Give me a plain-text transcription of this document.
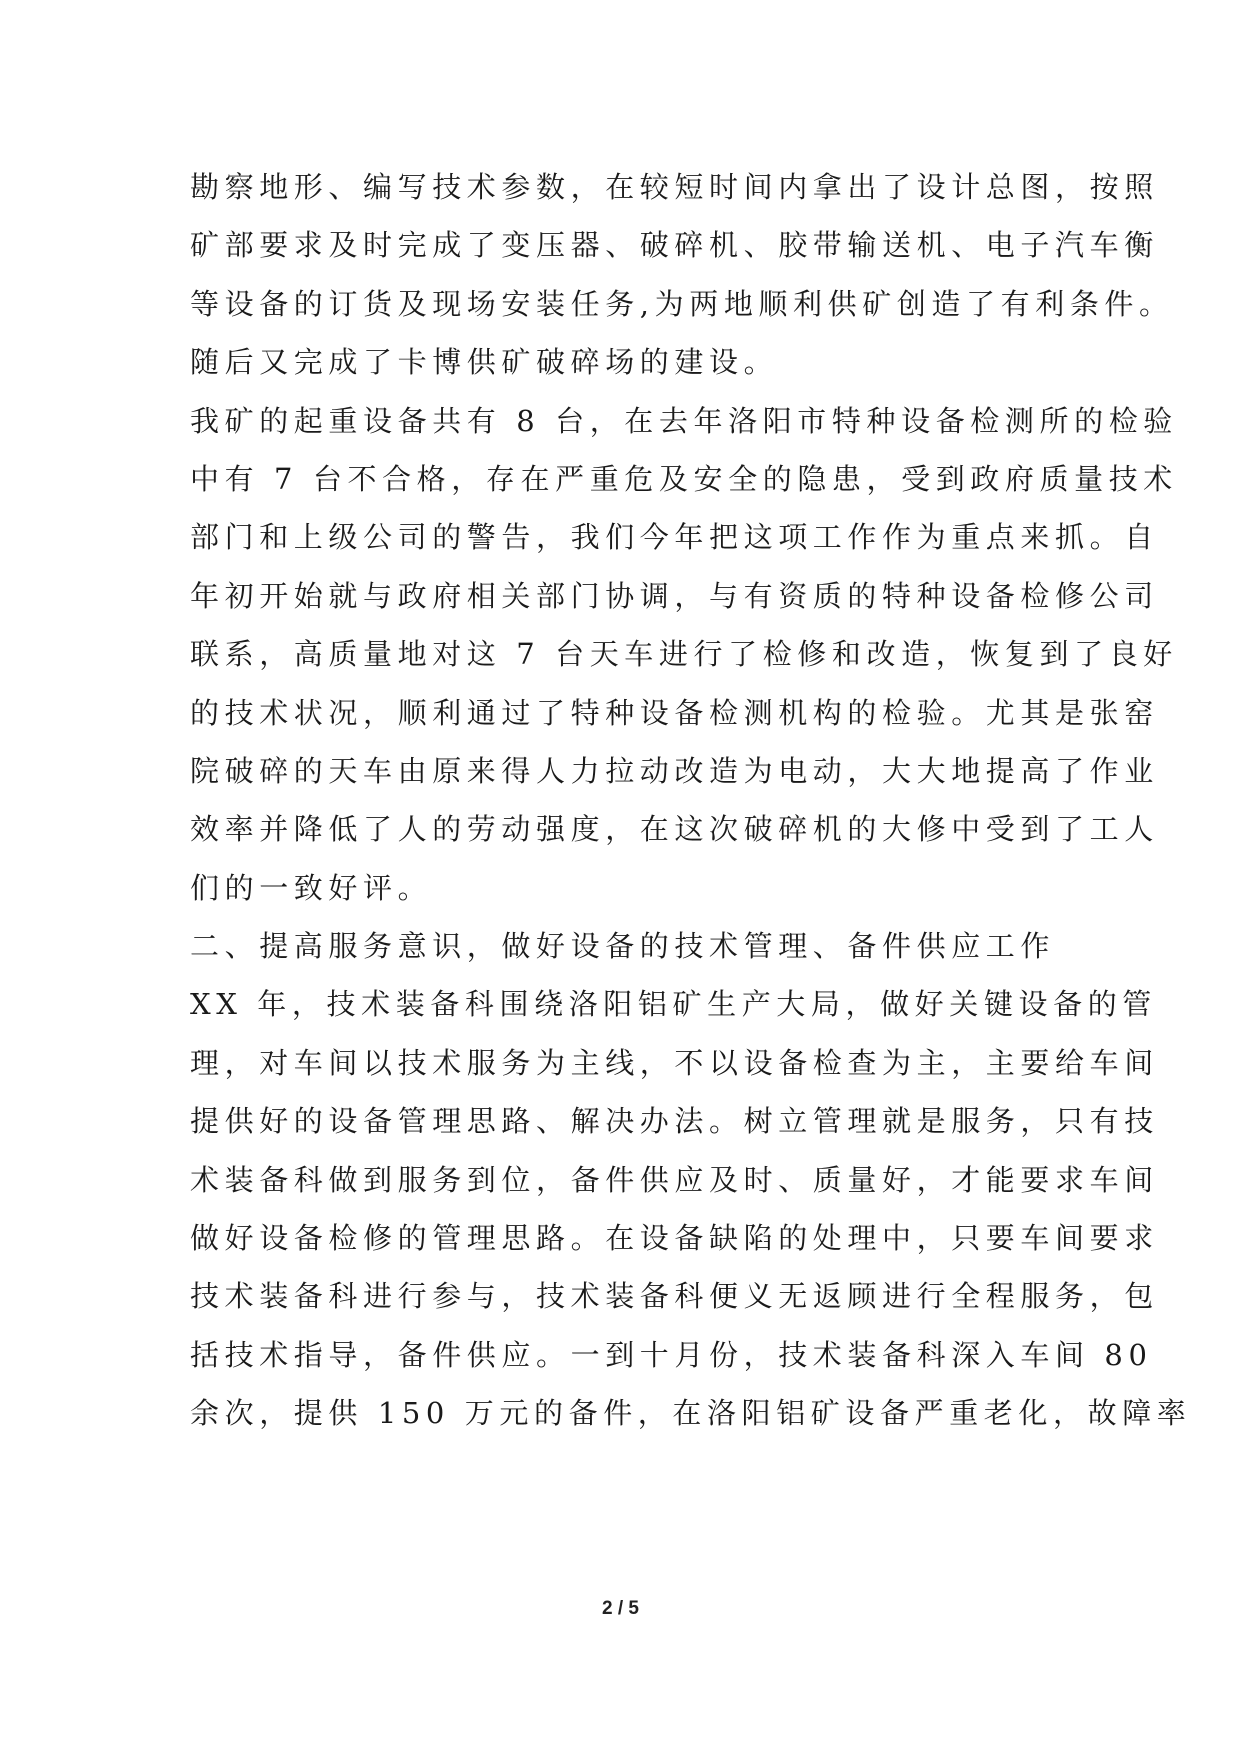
勘察地形、编写技术参数，在较短时间内拿出了设计总图，按照
矿部要求及时完成了变压器、破碎机、胶带输送机、电子汽车衡
等设备的订货及现场安装任务,为两地顺利供矿创造了有利条件。
随后又完成了卡博供矿破碎场的建设。
我矿的起重设备共有 8 台，在去年洛阳市特种设备检测所的检验
中有 7 台不合格，存在严重危及安全的隐患，受到政府质量技术
部门和上级公司的警告，我们今年把这项工作作为重点来抓。自
年初开始就与政府相关部门协调，与有资质的特种设备检修公司
联系，高质量地对这 7 台天车进行了检修和改造，恢复到了良好
的技术状况，顺利通过了特种设备检测机构的检验。尤其是张窑
院破碎的天车由原来得人力拉动改造为电动，大大地提高了作业
效率并降低了人的劳动强度，在这次破碎机的大修中受到了工人
们的一致好评。
二、提高服务意识，做好设备的技术管理、备件供应工作
XX 年，技术装备科围绕洛阳铝矿生产大局，做好关键设备的管
理，对车间以技术服务为主线，不以设备检查为主，主要给车间
提供好的设备管理思路、解决办法。树立管理就是服务，只有技
术装备科做到服务到位，备件供应及时、质量好，才能要求车间
做好设备检修的管理思路。在设备缺陷的处理中，只要车间要求
技术装备科进行参与，技术装备科便义无返顾进行全程服务，包
括技术指导，备件供应。一到十月份，技术装备科深入车间 80
余次，提供 150 万元的备件，在洛阳铝矿设备严重老化，故障率
2 / 5
